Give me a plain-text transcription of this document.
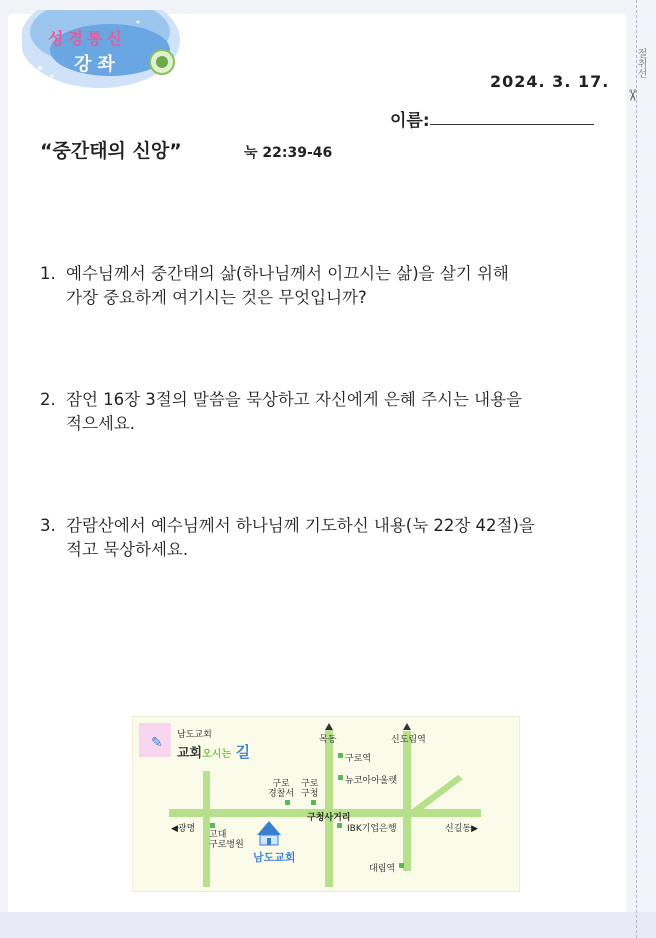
절취선
✂
성경통신
강좌
2024. 3. 17.
이름:
“중간태의 신앙”	눅 22:39-46
1. 예수님께서 중간태의 삶(하나님께서 이끄시는 삶)을 살기 위해
가장 중요하게 여기시는 것은 무엇입니까?
2. 잠언 16장 3절의 말씀을 묵상하고 자신에게 은혜 주시는 내용을
적으세요.
3. 감람산에서 예수님께서 하나님께 기도하신 내용(눅 22장 42절)을
적고 묵상하세요.
✎ 남도교회
교회오시는 길
목동	신도림역
구로역
뉴코아아울렛
구로
경찰서
구로
구청
구청사거리
◀광명	신길동▶
IBK기업은행
고대
구로병원
남도교회
대림역
